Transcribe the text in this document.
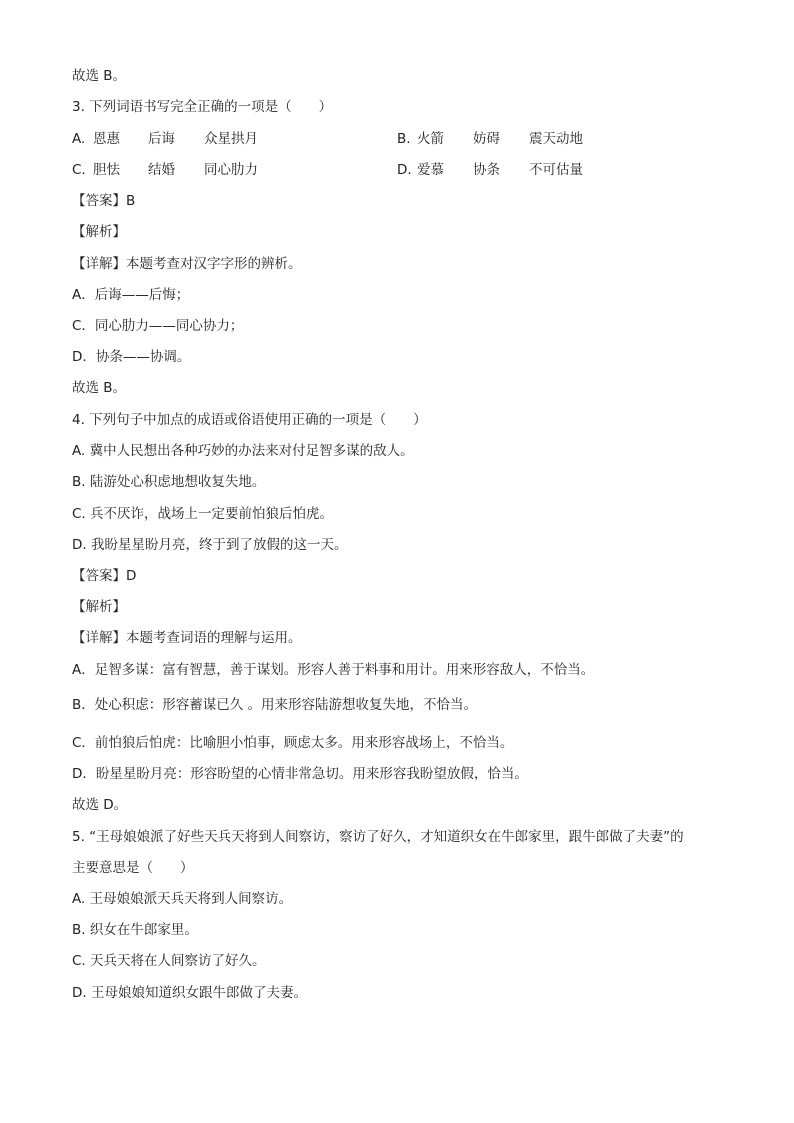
故选 B。
3. 下列词语书写完全正确的一项是（　　）
A. 恩惠 后诲 众星拱月	B. 火箭 妨碍 震天动地
C. 胆怯 结婚 同心肋力	D. 爱慕 协条 不可估量
【答案】B
【解析】
【详解】本题考查对汉字字形的辨析。
A．后诲——后悔；
C．同心肋力——同心协力；
D．协条——协调。
故选 B。
4. 下列句子中加点的成语或俗语使用正确的一项是（　　）
A. 冀中人民想出各种巧妙的办法来对付足智多谋的敌人。
B. 陆游处心积虑地想收复失地。
C. 兵不厌诈，战场上一定要前怕狼后怕虎。
D. 我盼星星盼月亮，终于到了放假的这一天。
【答案】D
【解析】
【详解】本题考查词语的理解与运用。
A．足智多谋：富有智慧，善于谋划。形容人善于料事和用计。用来形容敌人，不恰当。
B．处心积虑：形容蓄谋已久 。用来形容陆游想收复失地，不恰当。
C．前怕狼后怕虎：比喻胆小怕事，顾虑太多。用来形容战场上，不恰当。
D．盼星星盼月亮：形容盼望的心情非常急切。用来形容我盼望放假，恰当。
故选 D。
5. “王母娘娘派了好些天兵天将到人间察访，察访了好久，才知道织女在牛郎家里，跟牛郎做了夫妻”的
主要意思是（　　）
A. 王母娘娘派天兵天将到人间察访。
B. 织女在牛郎家里。
C. 天兵天将在人间察访了好久。
D. 王母娘娘知道织女跟牛郎做了夫妻。
